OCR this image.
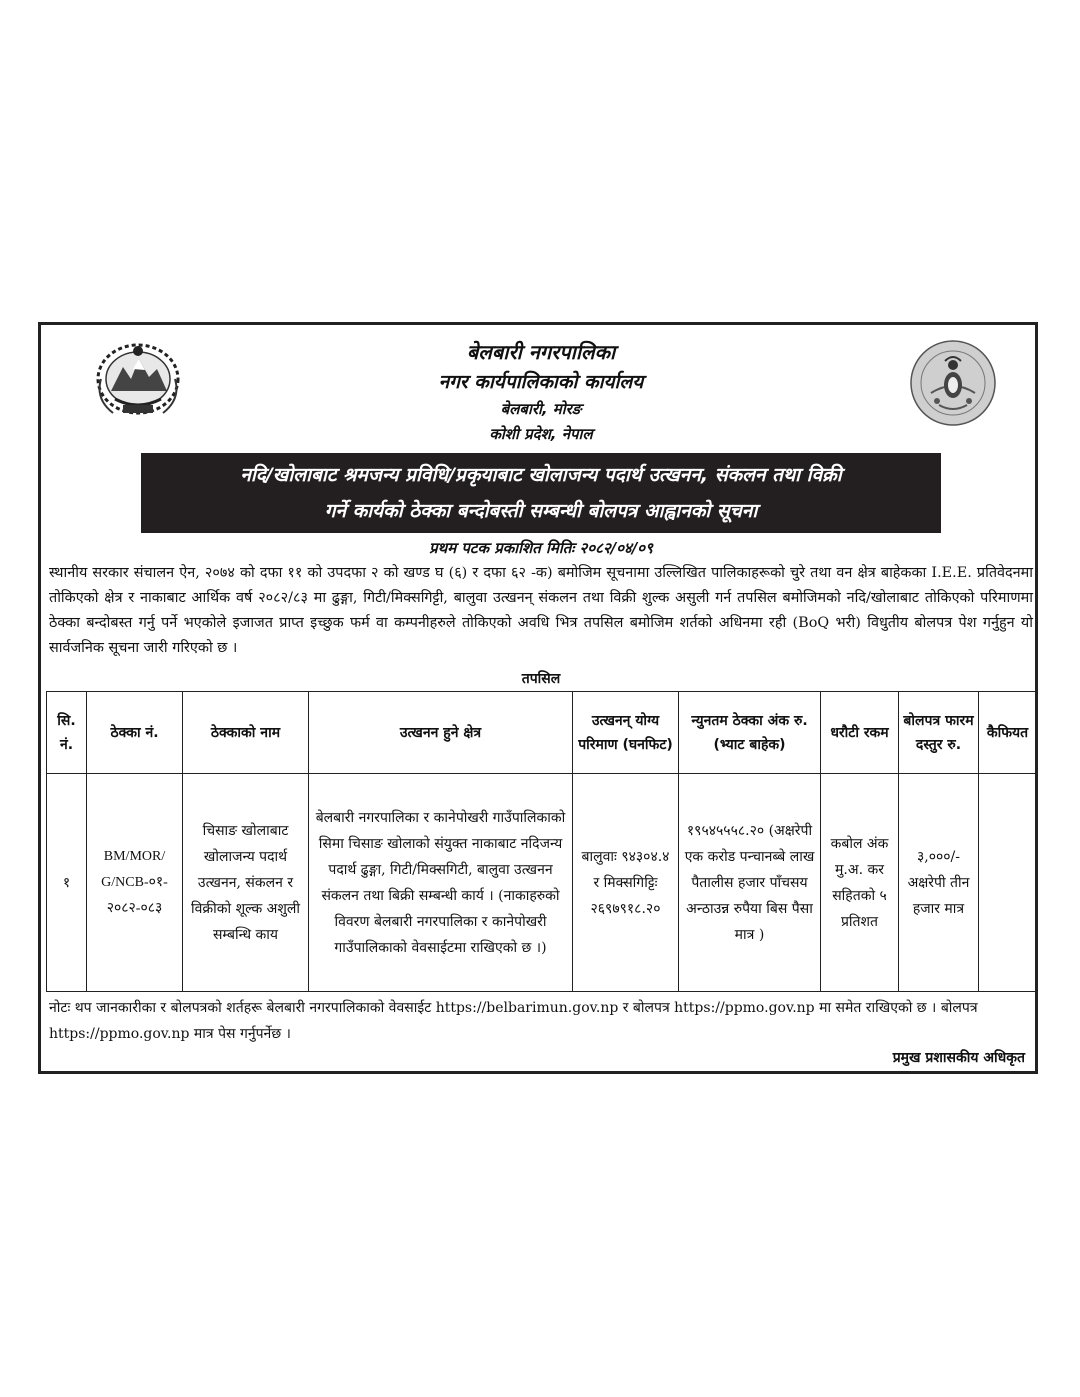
बेलबारी नगरपालिका
नगर कार्यपालिकाको कार्यालय
बेलबारी, मोरङ
कोशी प्रदेश, नेपाल
नदि/खोलाबाट श्रमजन्य प्रविधि/प्रकृयाबाट खोलाजन्य पदार्थ उत्खनन, संकलन तथा विक्री
गर्ने कार्यको ठेक्का बन्दोबस्ती सम्बन्धी बोलपत्र आह्वानको सूचना
प्रथम पटक प्रकाशित मितिः २०८२/०४/०९
स्थानीय सरकार संचालन ऐन, २०७४ को दफा ११ को उपदफा २ को खण्ड घ (६) र दफा ६२ -क) बमोजिम सूचनामा उल्लिखित पालिकाहरूको चुरे तथा वन क्षेत्र बाहेकका I.E.E. प्रतिवेदनमा तोकिएको क्षेत्र र नाकाबाट आर्थिक वर्ष २०८२/८३ मा ढुङ्गा, गिटी/मिक्सगिट्टी, बालुवा उत्खनन् संकलन तथा विक्री शुल्क असुली गर्न तपसिल बमोजिमको नदि/खोलाबाट तोकिएको परिमाणमा ठेक्का बन्दोबस्त गर्नु पर्ने भएकोले इजाजत प्राप्त इच्छुक फर्म वा कम्पनीहरुले तोकिएको अवधि भित्र तपसिल बमोजिम शर्तको अधिनमा रही (BoQ भरी) विधुतीय बोलपत्र पेश गर्नुहुन यो सार्वजनिक सूचना जारी गरिएको छ ।
तपसिल
सि. नं.	ठेक्का नं.	ठेक्काको नाम	उत्खनन हुने क्षेत्र	उत्खनन् योग्य परिमाण (घनफिट)	न्युनतम ठेक्का अंक रु. (भ्याट बाहेक)	धरौटी रकम	बोलपत्र फारम दस्तुर रु.	कैफियत
१	BM/MOR/ G/NCB-०१- २०८२-०८३	चिसाङ खोलाबाट खोलाजन्य पदार्थ उत्खनन, संकलन र विक्रीको शूल्क अशुली सम्बन्धि काय	बेलबारी नगरपालिका र कानेपोखरी गाउँपालिकाको सिमा चिसाङ खोलाको संयुक्त नाकाबाट नदिजन्य पदार्थ ढुङ्गा, गिटी/मिक्सगिटी, बालुवा उत्खनन संकलन तथा बिक्री सम्बन्धी कार्य । (नाकाहरुको विवरण बेलबारी नगरपालिका र कानेपोखरी गाउँपालिकाको वेवसाईटमा राखिएको छ ।)	बालुवाः ९४३०४.४ र मिक्सगिट्टिः २६९७९१८.२०	१९५४५५५८.२० (अक्षरेपी एक करोड पन्चानब्बे लाख पैतालीस हजार पाँचसय अन्ठाउन्न रुपैया बिस पैसा मात्र )	कबोल अंक मु.अ. कर सहितको ५ प्रतिशत	३,०००/- अक्षरेपी तीन हजार मात्र	
नोटः थप जानकारीका र बोलपत्रको शर्तहरू बेलबारी नगरपालिकाको वेवसाईट https://belbarimun.gov.np र बोलपत्र https://ppmo.gov.np मा समेत राखिएको छ । बोलपत्र https://ppmo.gov.np मात्र पेस गर्नुपर्नेछ ।
प्रमुख प्रशासकीय अधिकृत
